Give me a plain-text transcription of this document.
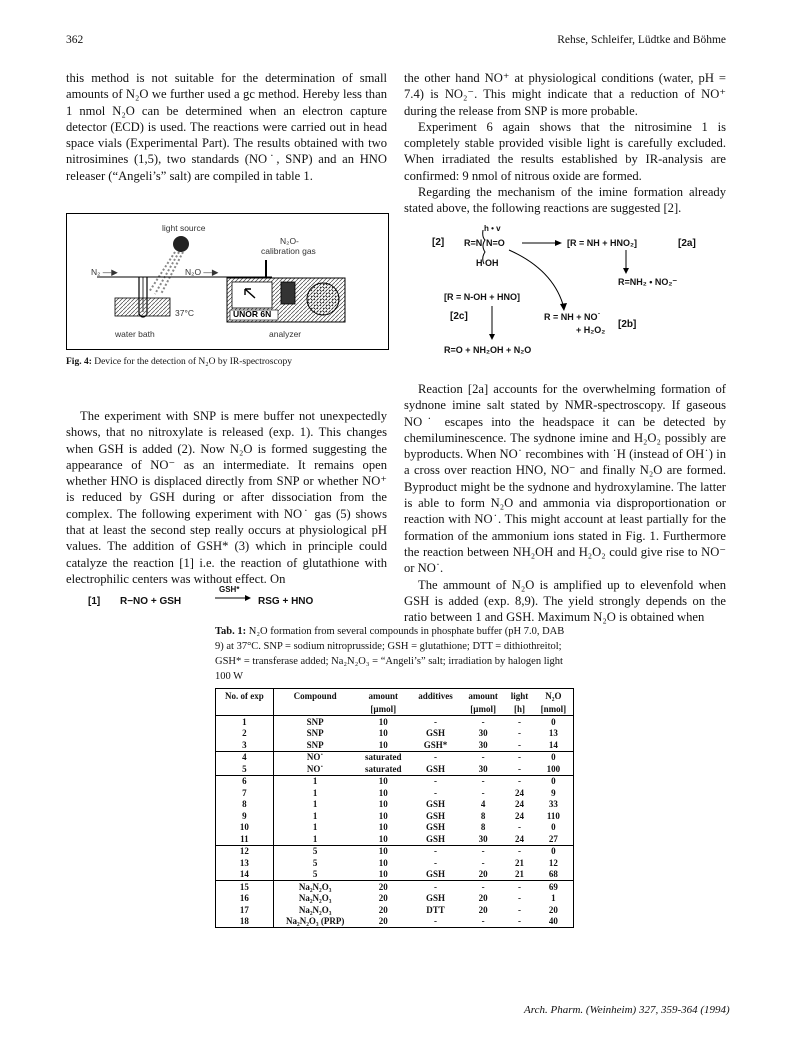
362	Rehse, Schleifer, Lüdtke and Böhme

this method is not suitable for the determination of small amounts of N₂O we further used a gc method. Hereby less than 1 nmol N₂O can be determined when an electron capture detector (ECD) is used. The reactions were carried out in head space vials (Experimental Part). The results obtained with two nitrosimines (1,5), two standards (NO˙, SNP) and an HNO releaser (“Angeli’s” salt) are compiled in table 1.

light source
N₂O-
calibration gas
N₂ —▶	N₂O —▶
37°C
water bath	analyzer
UNOR 6N
Fig. 4: Device for the detection of N₂O by IR-spectroscopy

The experiment with SNP is mere buffer not unexpectedly shows, that no nitroxylate is released (exp. 1). This changes when GSH is added (2). Now N₂O is formed suggesting the appearance of NO⁻ as an intermediate. It remains open whether HNO is displaced directly from SNP or whether NO⁺ is reduced by GSH during or after dissociation from the complex. The following experiment with NO˙ gas (5) shows that at least the second step really occurs at physiological pH values. The addition of GSH* (3) which in principle could catalyze the reaction [1] i.e. the reaction of glutathione with electrophilic centers was without effect. On

[1] R−NO + GSH
GSH*
RSG + HNO

the other hand NO⁺ at physiological conditions (water, pH = 7.4) is NO₂⁻. This might indicate that a reduction of NO⁺ during the release from SNP is more probable.

Experiment 6 again shows that the nitrosimine 1 is completely stable provided visible light is carefully excluded. When irradiated the results established by IR-analysis are confirmed: 9 nmol of nitrous oxide are formed.

Regarding the mechanism of the imine formation already stated above, the following reactions are suggested [2].

[2]
h • v
R=N N=O
H OH
[R = NH + HNO₂]	[2a]
R=NH₂ • NO₂⁻
[R = N-OH + HNO]
[2c]	R = NH + NO˙
+ H₂O₂ [2b]
R=O + NH₂OH + N₂O

Reaction [2a] accounts for the overwhelming formation of sydnone imine salt stated by NMR-spectroscopy. If gaseous NO˙ escapes into the headspace it can be detected by chemiluminescence. The sydnone imine and H₂O₂ possibly are byproducts. When NO˙ recombines with ˙H (instead of OH˙) in a cross over reaction HNO, NO⁻ and finally N₂O are formed. Byproduct might be the sydnone and hydroxylamine. The latter is able to form N₂O and ammonia via disproportionation or reaction with NO˙. This might account at least partially for the formation of the ammonium ions stated in Fig. 1. Furthermore the reaction between NH₂OH and H₂O₂ could give rise to NO⁻ or NO˙.

The ammount of N₂O is amplified up to elevenfold when GSH is added (exp. 8,9). The yield strongly depends on the ratio between 1 and GSH. Maximum N₂O is obtained when

Tab. 1: N₂O formation from several compounds in phosphate buffer (pH 7.0, DAB 9) at 37°C. SNP = sodium nitroprusside; GSH = glutathione; DTT = dithiothreitol; GSH* = transferase added; Na₂N₂O₃ = “Angeli’s” salt; irradiation by halogen light 100 W
No. of exp	Compound	amount	additives	amount	light	N₂O
		[µmol]		[µmol]	[h]	[nmol]
1	SNP	10	-	-	-	0
2	SNP	10	GSH	30	-	13
3	SNP	10	GSH*	30	-	14
4	NO˙	saturated	-	-	-	0
5	NO˙	saturated	GSH	30	-	100
6	1	10	-	-	-	0
7	1	10	-	-	24	9
8	1	10	GSH	4	24	33
9	1	10	GSH	8	24	110
10	1	10	GSH	8	-	0
11	1	10	GSH	30	24	27
12	5	10	-	-	-	0
13	5	10	-	-	21	12
14	5	10	GSH	20	21	68
15	Na₂N₂O₃	20	-	-	-	69
16	Na₂N₂O₃	20	GSH	20	-	1
17	Na₂N₂O₃	20	DTT	20	-	20
18	Na₂N₂O₃ (PRP)	20	-	-	-	40
Arch. Pharm. (Weinheim) 327, 359-364 (1994)
